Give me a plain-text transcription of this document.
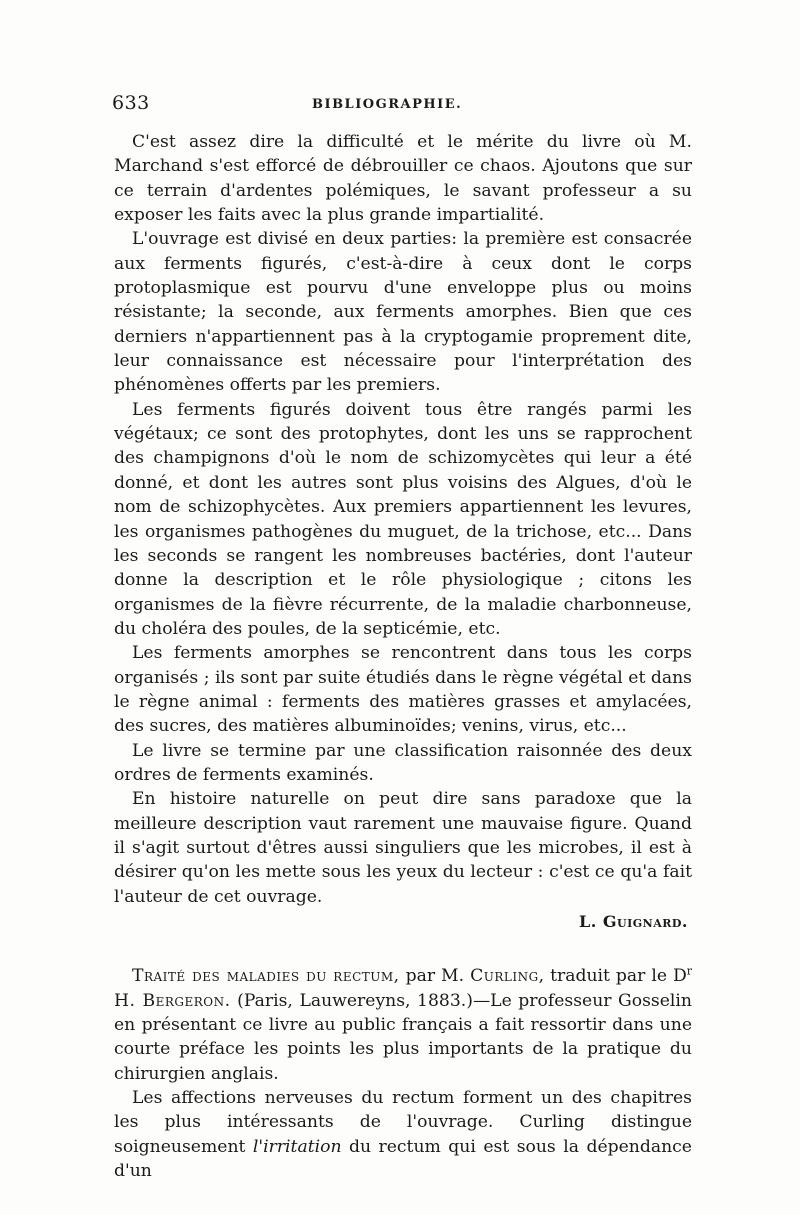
633	BIBLIOGRAPHIE.

C'est assez dire la difficulté et le mérite du livre où M. Marchand s'est efforcé de débrouiller ce chaos. Ajoutons que sur ce terrain d'ardentes polémiques, le savant professeur a su exposer les faits avec la plus grande impartialité.

L'ouvrage est divisé en deux parties: la première est consacrée aux ferments figurés, c'est-à-dire à ceux dont le corps protoplasmique est pourvu d'une enveloppe plus ou moins résistante; la seconde, aux ferments amorphes. Bien que ces derniers n'appartiennent pas à la cryptogamie proprement dite, leur connaissance est nécessaire pour l'interprétation des phénomènes offerts par les premiers.

Les ferments figurés doivent tous être rangés parmi les végétaux; ce sont des protophytes, dont les uns se rapprochent des champignons d'où le nom de schizomycètes qui leur a été donné, et dont les autres sont plus voisins des Algues, d'où le nom de schizophycètes. Aux premiers appartiennent les levures, les organismes pathogènes du muguet, de la trichose, etc... Dans les seconds se rangent les nombreuses bactéries, dont l'auteur donne la description et le rôle physiologique ; citons les organismes de la fièvre récurrente, de la maladie charbonneuse, du choléra des poules, de la septicémie, etc.

Les ferments amorphes se rencontrent dans tous les corps organisés ; ils sont par suite étudiés dans le règne végétal et dans le règne animal : ferments des matières grasses et amylacées, des sucres, des matières albuminoïdes; venins, virus, etc...

Le livre se termine par une classification raisonnée des deux ordres de ferments examinés.

En histoire naturelle on peut dire sans paradoxe que la meilleure description vaut rarement une mauvaise figure. Quand il s'agit surtout d'êtres aussi singuliers que les microbes, il est à désirer qu'on les mette sous les yeux du lecteur : c'est ce qu'a fait l'auteur de cet ouvrage.

L. Guignard.

Traité des maladies du rectum, par M. Curling, traduit par le $D^r$ H. Bergeron. (Paris, Lauwereyns, 1883.)—Le professeur Gosselin en présentant ce livre au public français a fait ressortir dans une courte préface les points les plus importants de la pratique du chirurgien anglais.

Les affections nerveuses du rectum forment un des chapitres les plus intéressants de l'ouvrage. Curling distingue soigneusement l'irritation du rectum qui est sous la dépendance d'un
